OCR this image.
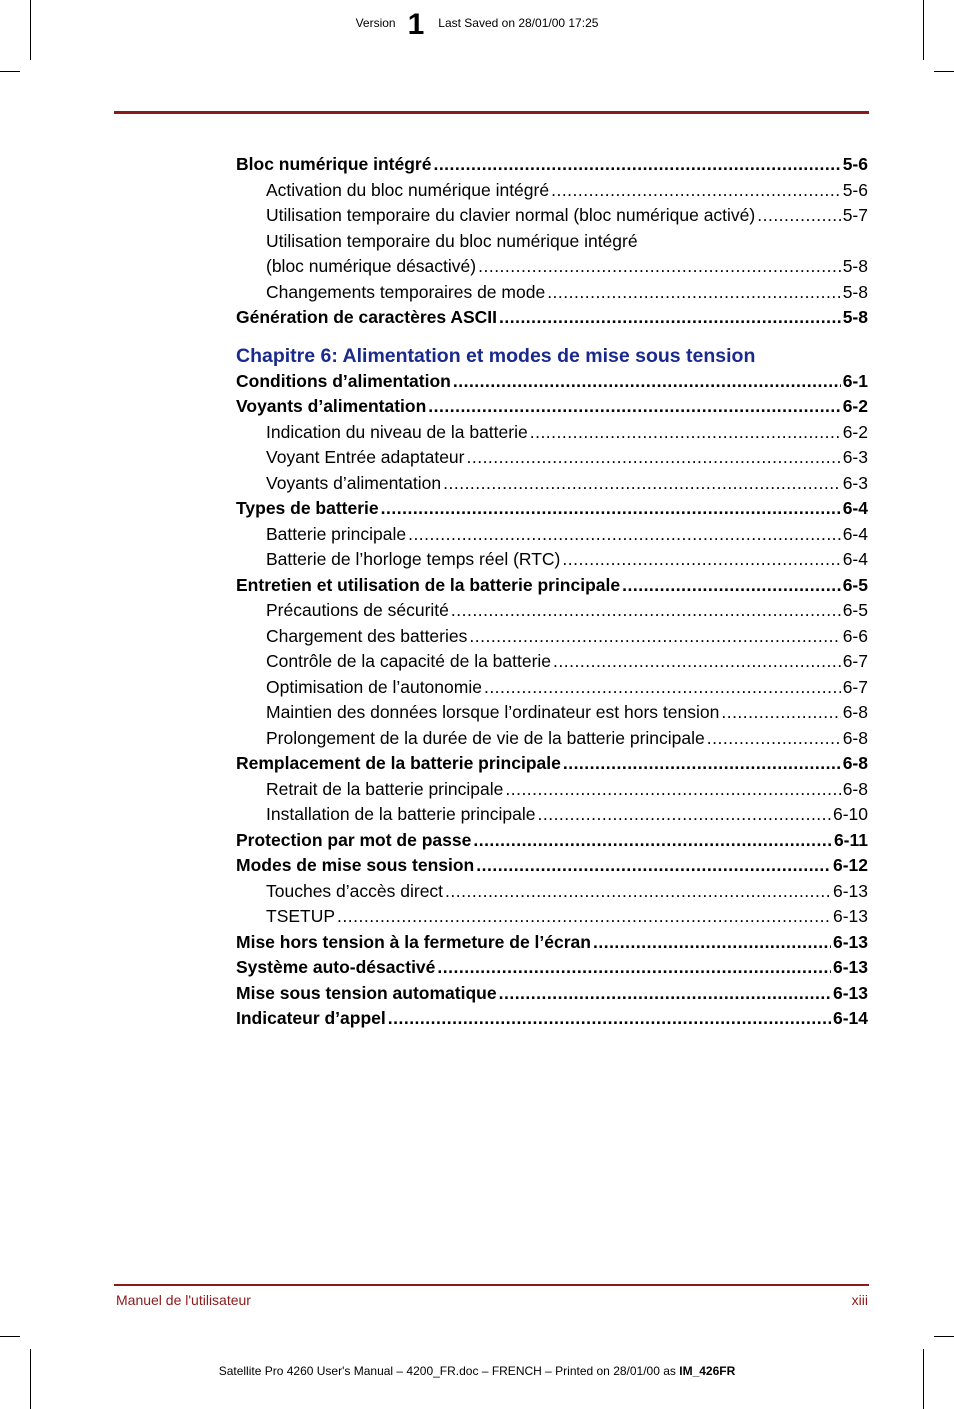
Version 1 Last Saved on 28/01/00 17:25
Bloc numérique intégré .....	5-6
Activation du bloc numérique intégré .....	5-6
Utilisation temporaire du clavier normal (bloc numérique activé) .....	5-7
Utilisation temporaire du bloc numérique intégré
(bloc numérique désactivé) .....	5-8
Changements temporaires de mode .....	5-8
Génération de caractères ASCII .....	5-8
Chapitre 6: Alimentation et modes de mise sous tension
Conditions d’alimentation .....	6-1
Voyants d’alimentation .....	6-2
Indication du niveau de la batterie .....	6-2
Voyant Entrée adaptateur .....	6-3
Voyants d’alimentation .....	6-3
Types de batterie .....	6-4
Batterie principale .....	6-4
Batterie de l’horloge temps réel (RTC) .....	6-4
Entretien et utilisation de la batterie principale .....	6-5
Précautions de sécurité .....	6-5
Chargement des batteries .....	6-6
Contrôle de la capacité de la batterie .....	6-7
Optimisation de l’autonomie .....	6-7
Maintien des données lorsque l’ordinateur est hors tension .....	6-8
Prolongement de la durée de vie de la batterie principale .....	6-8
Remplacement de la batterie principale .....	6-8
Retrait de la batterie principale .....	6-8
Installation de la batterie principale .....	6-10
Protection par mot de passe .....	6-11
Modes de mise sous tension .....	6-12
Touches d’accès direct .....	6-13
TSETUP .....	6-13
Mise hors tension à la fermeture de l’écran .....	6-13
Système auto-désactivé .....	6-13
Mise sous tension automatique .....	6-13
Indicateur d’appel .....	6-14
Manuel de l'utilisateur	xiii
Satellite Pro 4260 User's Manual – 4200_FR.doc – FRENCH – Printed on 28/01/00 as IM_426FR
